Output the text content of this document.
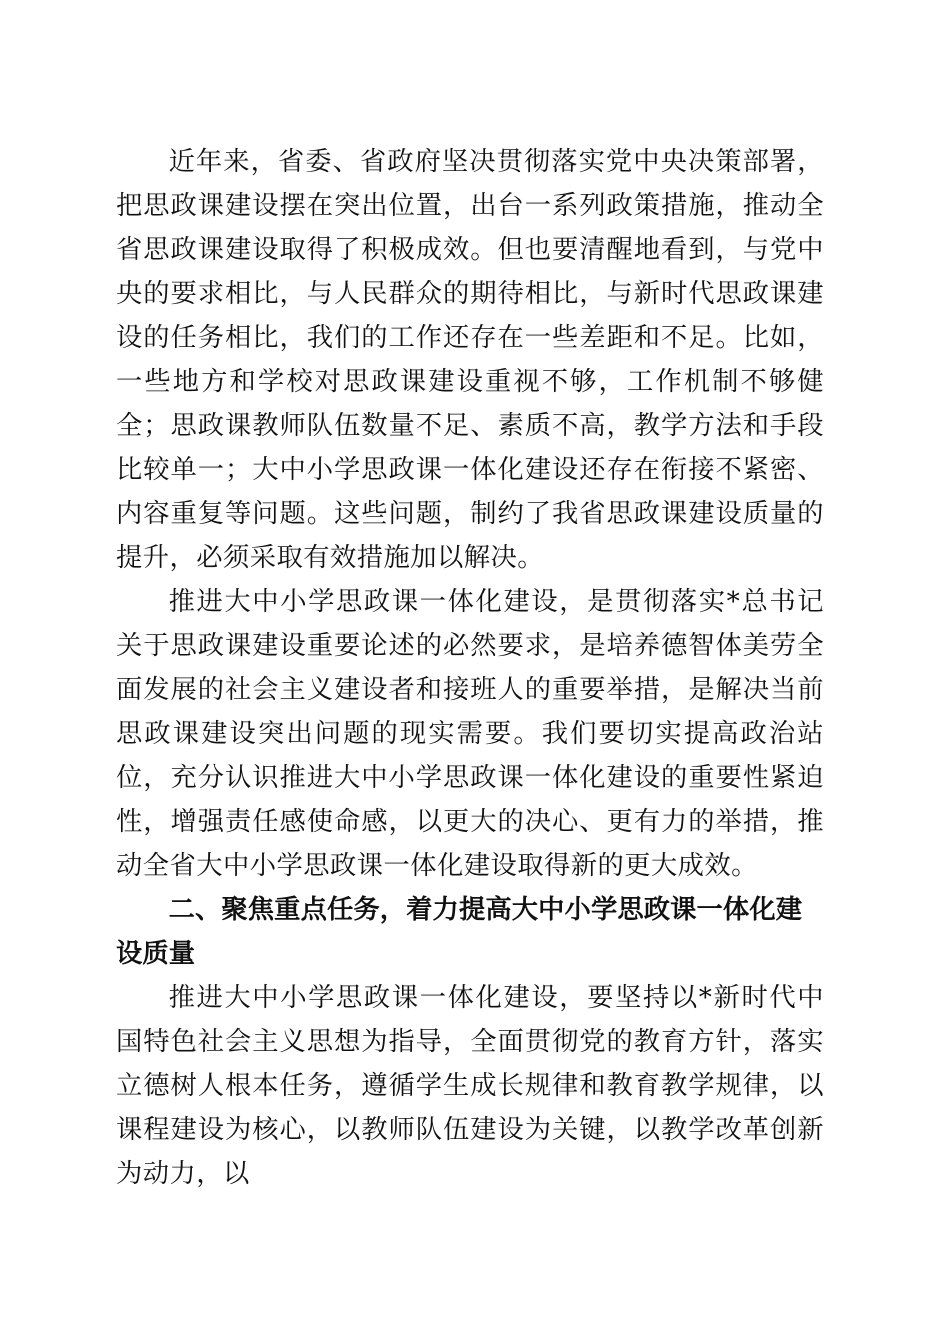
近年来，省委、省政府坚决贯彻落实党中央决策部署，把思政课建设摆在突出位置，出台一系列政策措施，推动全省思政课建设取得了积极成效。但也要清醒地看到，与党中央的要求相比，与人民群众的期待相比，与新时代思政课建设的任务相比，我们的工作还存在一些差距和不足。比如，一些地方和学校对思政课建设重视不够，工作机制不够健全；思政课教师队伍数量不足、素质不高，教学方法和手段比较单一；大中小学思政课一体化建设还存在衔接不紧密、内容重复等问题。这些问题，制约了我省思政课建设质量的提升，必须采取有效措施加以解决。

推进大中小学思政课一体化建设，是贯彻落实*总书记关于思政课建设重要论述的必然要求，是培养德智体美劳全面发展的社会主义建设者和接班人的重要举措，是解决当前思政课建设突出问题的现实需要。我们要切实提高政治站位，充分认识推进大中小学思政课一体化建设的重要性紧迫性，增强责任感使命感，以更大的决心、更有力的举措，推动全省大中小学思政课一体化建设取得新的更大成效。

二、聚焦重点任务，着力提高大中小学思政课一体化建设质量

推进大中小学思政课一体化建设，要坚持以*新时代中国特色社会主义思想为指导，全面贯彻党的教育方针，落实立德树人根本任务，遵循学生成长规律和教育教学规律，以课程建设为核心，以教师队伍建设为关键，以教学改革创新为动力，以
